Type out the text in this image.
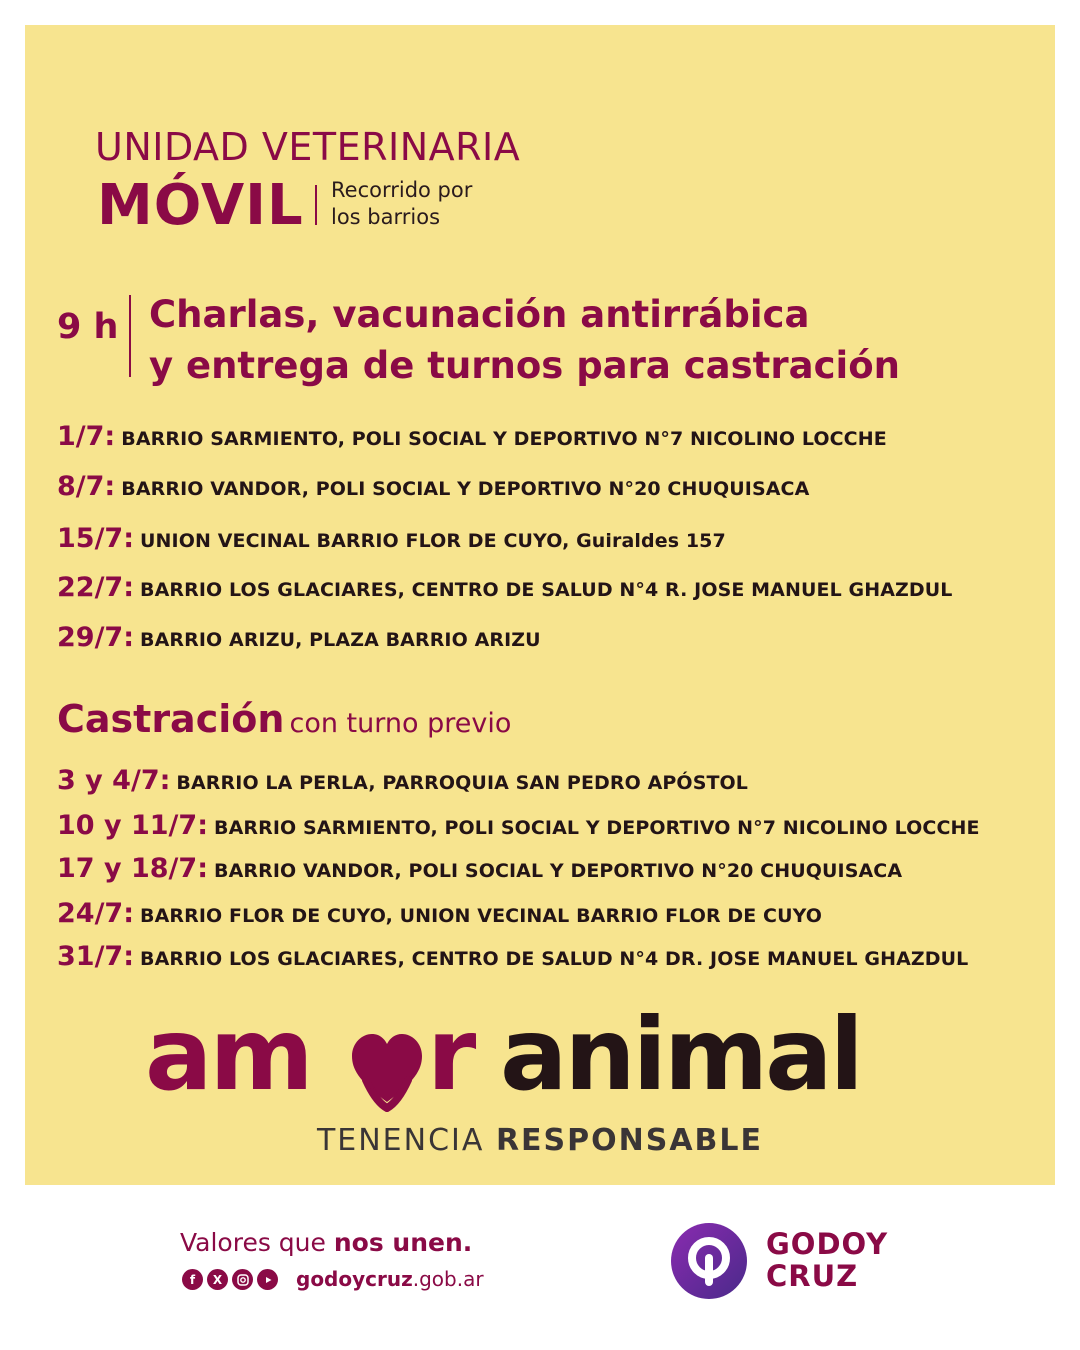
UNIDAD VETERINARIA
MÓVIL Recorrido por
los barrios
9 h Charlas, vacunación antirrábica
y entrega de turnos para castración
1/7: BARRIO SARMIENTO, POLI SOCIAL Y DEPORTIVO N°7 NICOLINO LOCCHE
8/7: BARRIO VANDOR, POLI SOCIAL Y DEPORTIVO N°20 CHUQUISACA
15/7: UNION VECINAL BARRIO FLOR DE CUYO, Guiraldes 157
22/7: BARRIO LOS GLACIARES, CENTRO DE SALUD N°4 R. JOSE MANUEL GHAZDUL
29/7: BARRIO ARIZU, PLAZA BARRIO ARIZU
Castración con turno previo
3 y 4/7: BARRIO LA PERLA, PARROQUIA SAN PEDRO APÓSTOL
10 y 11/7: BARRIO SARMIENTO, POLI SOCIAL Y DEPORTIVO N°7 NICOLINO LOCCHE
17 y 18/7: BARRIO VANDOR, POLI SOCIAL Y DEPORTIVO N°20 CHUQUISACA
24/7: BARRIO FLOR DE CUYO, UNION VECINAL BARRIO FLOR DE CUYO
31/7: BARRIO LOS GLACIARES, CENTRO DE SALUD N°4 DR. JOSE MANUEL GHAZDUL
am r animal
TENENCIA RESPONSABLE
Valores que nos unen.
f	X	godoycruz.gob.ar
GODOY
CRUZ
